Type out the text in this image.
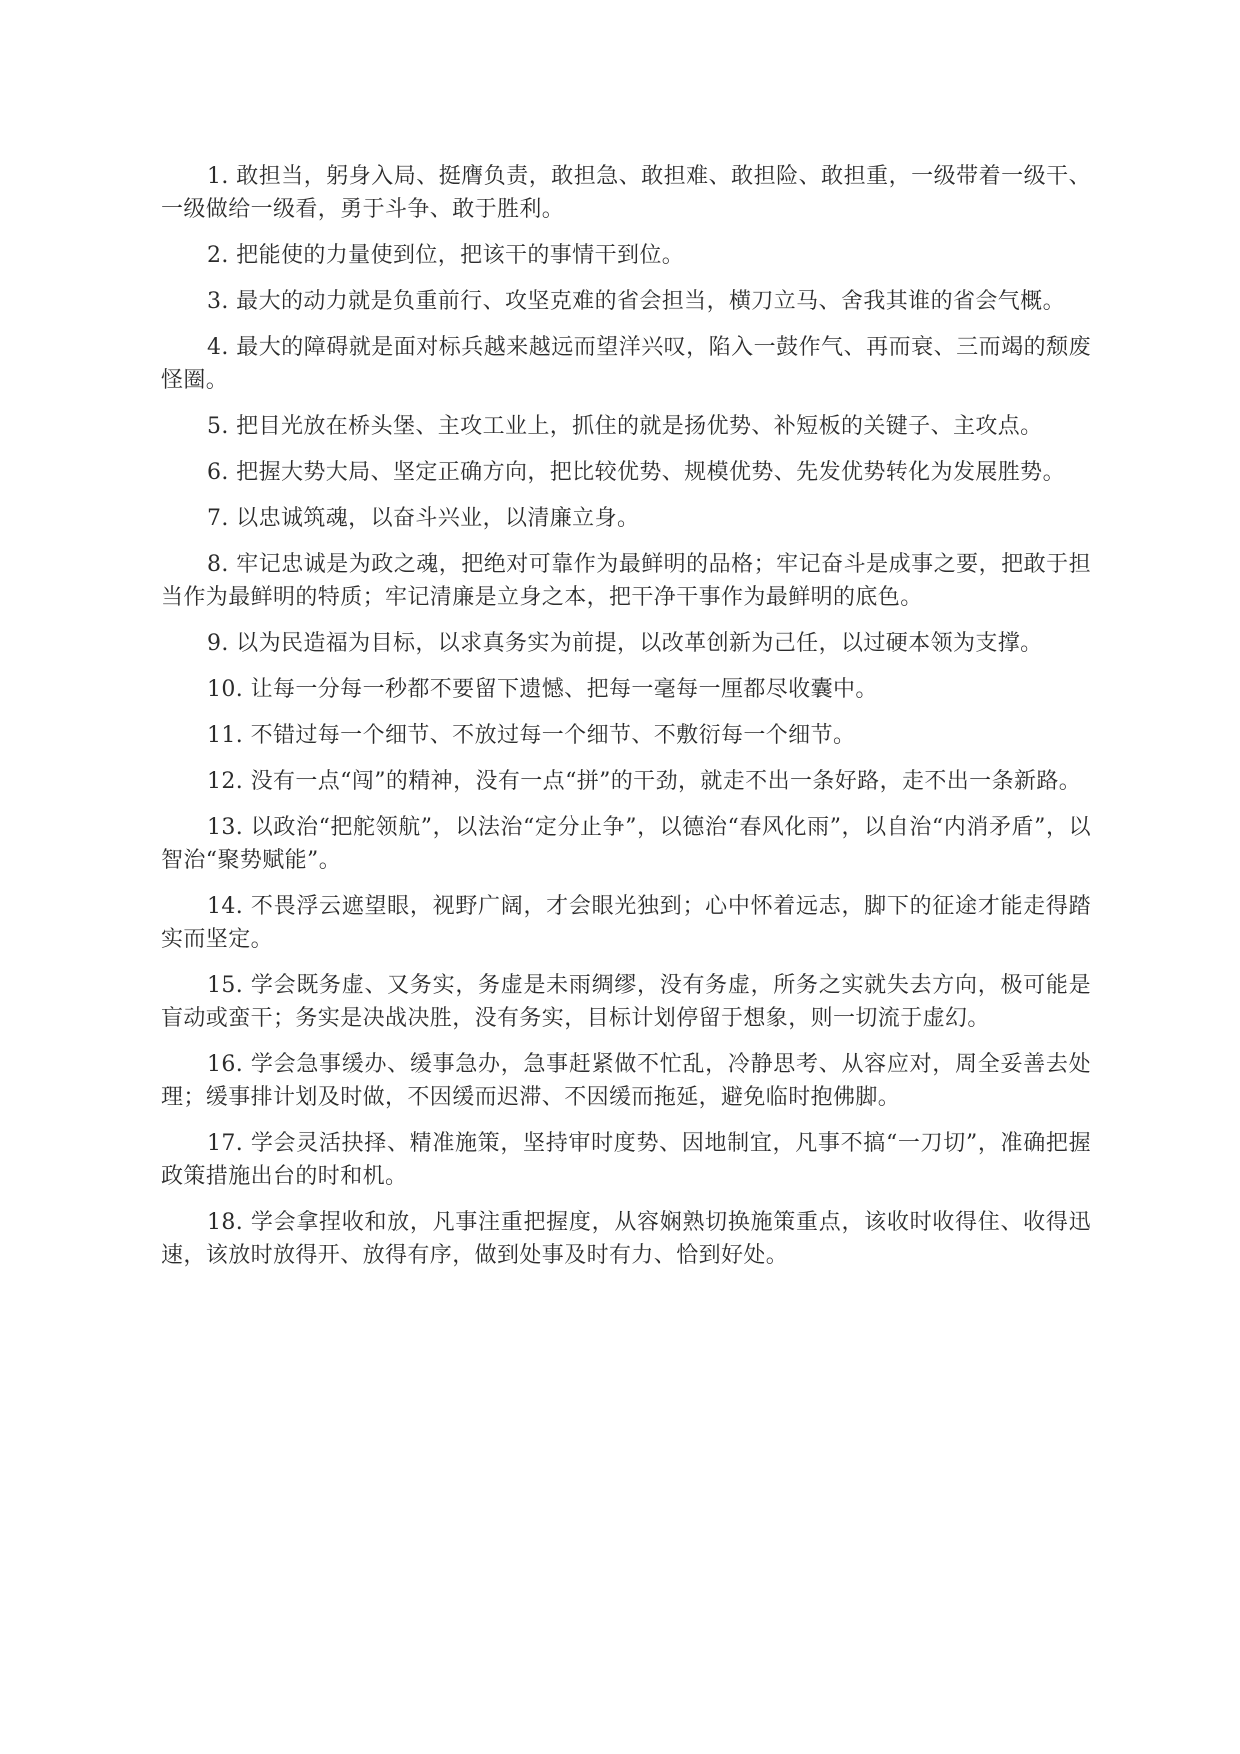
1. 敢担当，躬身入局、挺膺负责，敢担急、敢担难、敢担险、敢担重，一级带着一级干、一级做给一级看，勇于斗争、敢于胜利。

2. 把能使的力量使到位，把该干的事情干到位。

3. 最大的动力就是负重前行、攻坚克难的省会担当，横刀立马、舍我其谁的省会气概。

4. 最大的障碍就是面对标兵越来越远而望洋兴叹，陷入一鼓作气、再而衰、三而竭的颓废怪圈。

5. 把目光放在桥头堡、主攻工业上，抓住的就是扬优势、补短板的关键子、主攻点。

6. 把握大势大局、坚定正确方向，把比较优势、规模优势、先发优势转化为发展胜势。

7. 以忠诚筑魂，以奋斗兴业，以清廉立身。

8. 牢记忠诚是为政之魂，把绝对可靠作为最鲜明的品格；牢记奋斗是成事之要，把敢于担当作为最鲜明的特质；牢记清廉是立身之本，把干净干事作为最鲜明的底色。

9. 以为民造福为目标，以求真务实为前提，以改革创新为己任，以过硬本领为支撑。

10. 让每一分每一秒都不要留下遗憾、把每一毫每一厘都尽收囊中。

11. 不错过每一个细节、不放过每一个细节、不敷衍每一个细节。

12. 没有一点“闯”的精神，没有一点“拼”的干劲，就走不出一条好路，走不出一条新路。

13. 以政治“把舵领航”，以法治“定分止争”，以德治“春风化雨”，以自治“内消矛盾”，以智治“聚势赋能”。

14. 不畏浮云遮望眼，视野广阔，才会眼光独到；心中怀着远志，脚下的征途才能走得踏实而坚定。

15. 学会既务虚、又务实，务虚是未雨绸缪，没有务虚，所务之实就失去方向，极可能是盲动或蛮干；务实是决战决胜，没有务实，目标计划停留于想象，则一切流于虚幻。

16. 学会急事缓办、缓事急办，急事赶紧做不忙乱，冷静思考、从容应对，周全妥善去处理；缓事排计划及时做，不因缓而迟滞、不因缓而拖延，避免临时抱佛脚。

17. 学会灵活抉择、精准施策，坚持审时度势、因地制宜，凡事不搞“一刀切”，准确把握政策措施出台的时和机。

18. 学会拿捏收和放，凡事注重把握度，从容娴熟切换施策重点，该收时收得住、收得迅速，该放时放得开、放得有序，做到处事及时有力、恰到好处。
